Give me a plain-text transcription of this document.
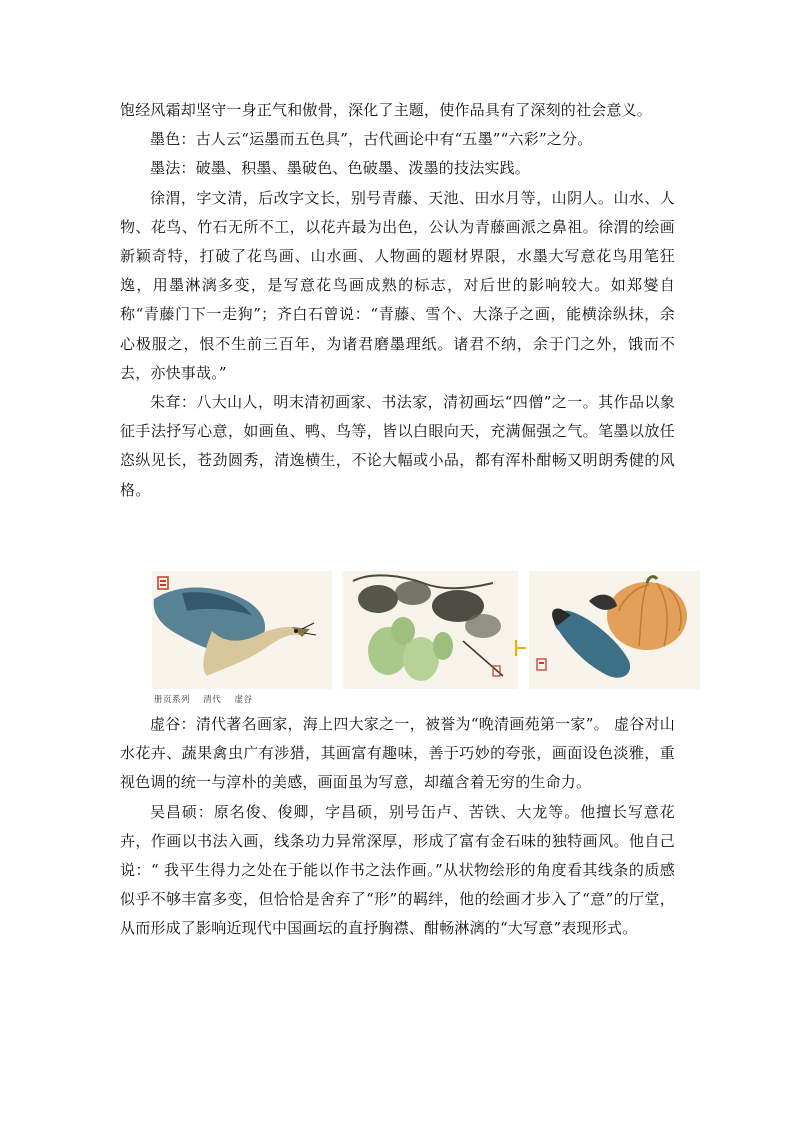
饱经风霜却坚守一身正气和傲骨，深化了主题，使作品具有了深刻的社会意义。

墨色：古人云“运墨而五色具”，古代画论中有“五墨”“六彩”之分。

墨法：破墨、积墨、墨破色、色破墨、泼墨的技法实践。

徐渭，字文清，后改字文长，别号青藤、天池、田水月等，山阴人。山水、人物、花鸟、竹石无所不工，以花卉最为出色，公认为青藤画派之鼻祖。徐渭的绘画新颖奇特，打破了花鸟画、山水画、人物画的题材界限，水墨大写意花鸟用笔狂逸，用墨淋漓多变，是写意花鸟画成熟的标志，对后世的影响较大。如郑燮自称“青藤门下一走狗”；齐白石曾说：“青藤、雪个、大涤子之画，能横涂纵抹，余心极服之，恨不生前三百年，为诸君磨墨理纸。诸君不纳，余于门之外，饿而不去，亦快事哉。”

朱耷：八大山人，明末清初画家、书法家，清初画坛“四僧”之一。其作品以象征手法抒写心意，如画鱼、鸭、鸟等，皆以白眼向天，充满倔强之气。笔墨以放任恣纵见长，苍劲圆秀，清逸横生，不论大幅或小品，都有浑朴酣畅又明朗秀健的风格。

册页系列 清代 虚谷

虚谷：清代著名画家，海上四大家之一，被誉为“晚清画苑第一家”。 虚谷对山水花卉、蔬果禽虫广有涉猎，其画富有趣味，善于巧妙的夸张，画面设色淡雅，重视色调的统一与淳朴的美感，画面虽为写意，却蕴含着无穷的生命力。

吴昌硕：原名俊、俊卿，字昌硕，别号缶卢、苦铁、大龙等。他擅长写意花卉，作画以书法入画，线条功力异常深厚，形成了富有金石味的独特画风。他自己说：“ 我平生得力之处在于能以作书之法作画。”从状物绘形的角度看其线条的质感似乎不够丰富多变，但恰恰是舍弃了“形”的羁绊，他的绘画才步入了“意”的厅堂，从而形成了影响近现代中国画坛的直抒胸襟、酣畅淋漓的“大写意”表现形式。
